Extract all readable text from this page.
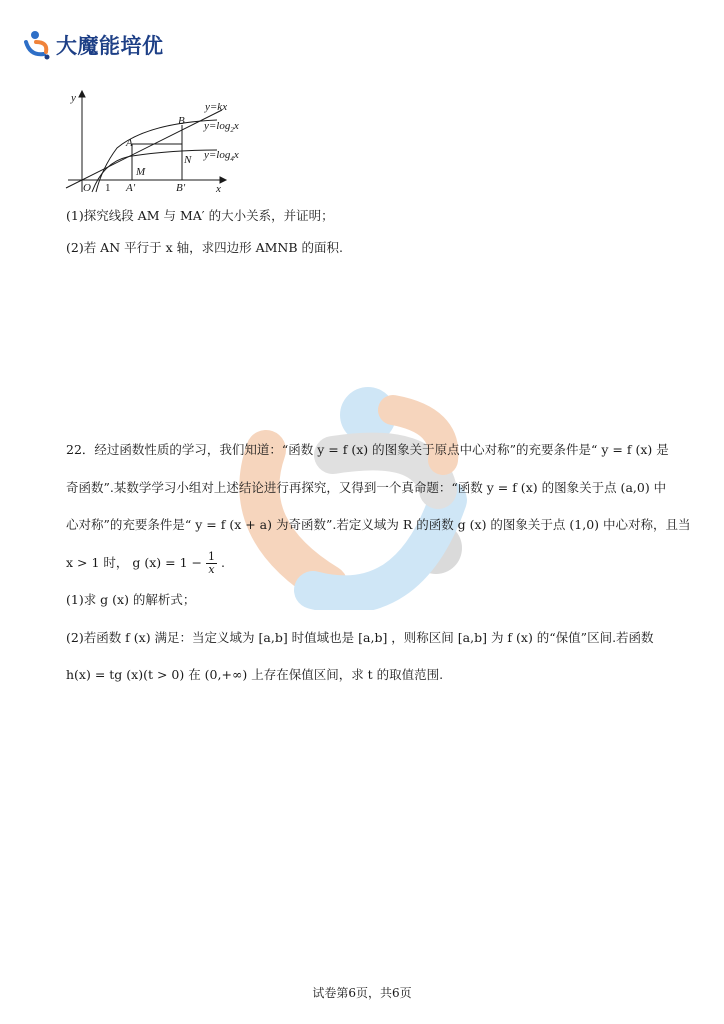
大魔能培优
y
x
O 1
A
B
M
N
A′	B′
y=kx
$y=\log_2x$
$y=\log_4x$
(1)探究线段 AM 与 MA′ 的大小关系，并证明；
(2)若 AN 平行于 x 轴，求四边形 AMNB 的面积.
22．经过函数性质的学习，我们知道：“函数 y = f (x) 的图象关于原点中心对称”的充要条件是“ y = f (x) 是
奇函数”.某数学学习小组对上述结论进行再探究，又得到一个真命题：“函数 y = f (x) 的图象关于点 (a,0) 中
心对称”的充要条件是“ y = f (x + a) 为奇函数”.若定义域为 R 的函数 g (x) 的图象关于点 (1,0) 中心对称，且当
x > 1 时， g $(x) = 1 - \frac{1}{x}$ .
(1)求 g (x) 的解析式；
(2)若函数 f (x) 满足：当定义域为 [a,b] 时值域也是 [a,b] ，则称区间 [a,b] 为 f (x) 的“保值”区间.若函数
h(x) = tg (x)(t > 0) 在 (0,+∞) 上存在保值区间，求 t 的取值范围.
试卷第6页，共6页
